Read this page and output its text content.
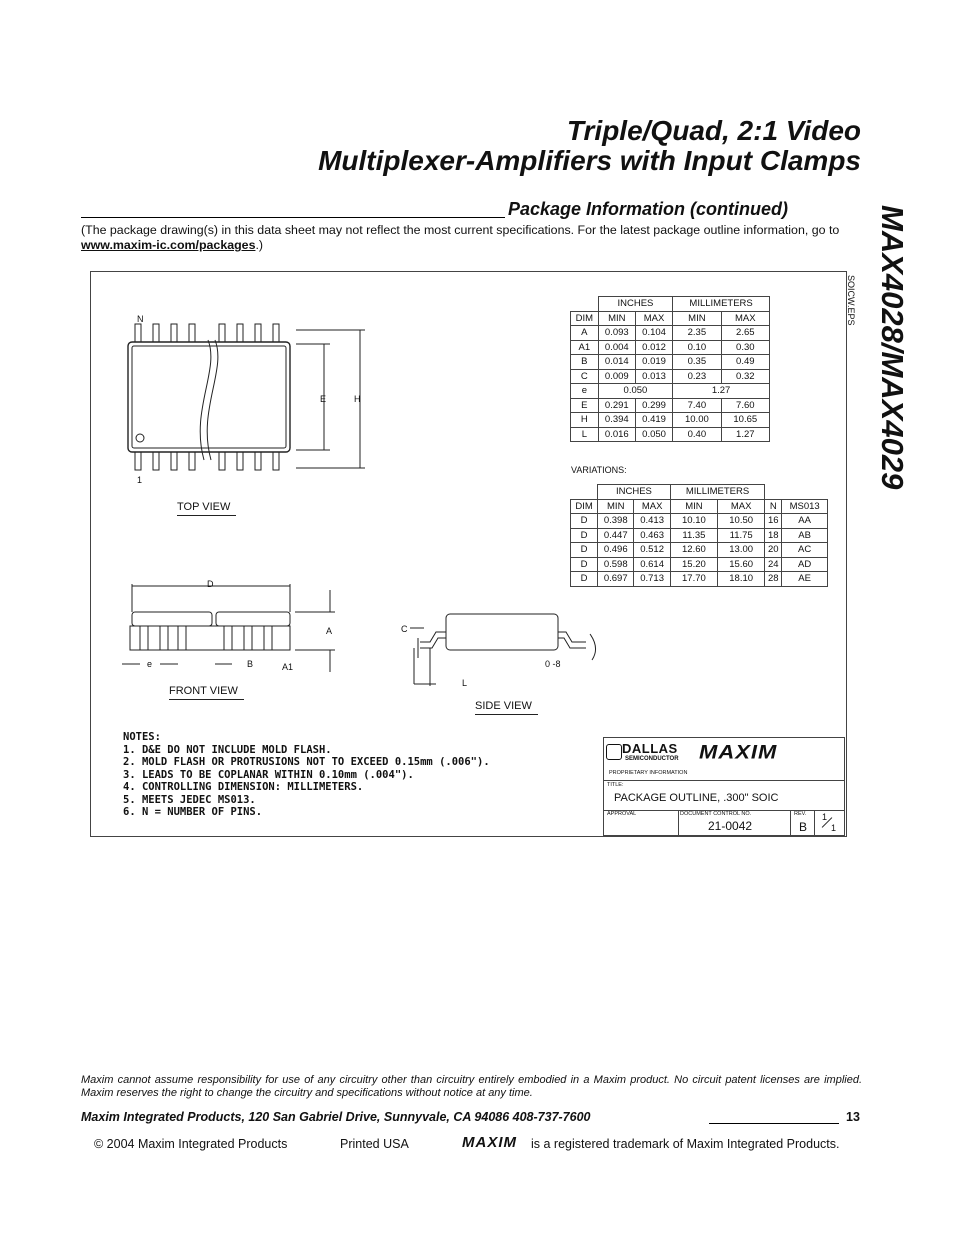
Triple/Quad, 2:1 Video
Multiplexer-Amplifiers with Input Clamps
MAX4028/MAX4029
Package Information (continued)
(The package drawing(s) in this data sheet may not reflect the most current specifications. For the latest package outline information, go to www.maxim-ic.com/packages.)
SOICW.EPS
N
1
E	H
TOP VIEW
D
A
A1
e	B
FRONT VIEW
C
L
0 -8
SIDE VIEW
	INCHES		MILLIMETERS	
DIM	MIN	MAX	MIN	MAX
A	0.093	0.104	2.35	2.65
A1	0.004	0.012	0.10	0.30
B	0.014	0.019	0.35	0.49
C	0.009	0.013	0.23	0.32
e	0.050		1.27	
E	0.291	0.299	7.40	7.60
H	0.394	0.419	10.00	10.65
L	0.016	0.050	0.40	1.27
VARIATIONS:
	INCHES		MILLIMETERS			
DIM	MIN	MAX	MIN	MAX	N	MS013
D	0.398	0.413	10.10	10.50	16	AA
D	0.447	0.463	11.35	11.75	18	AB
D	0.496	0.512	12.60	13.00	20	AC
D	0.598	0.614	15.20	15.60	24	AD
D	0.697	0.713	17.70	18.10	28	AE
NOTES:
1. D&E DO NOT INCLUDE MOLD FLASH.
2. MOLD FLASH OR PROTRUSIONS NOT TO EXCEED 0.15mm (.006").
3. LEADS TO BE COPLANAR WITHIN 0.10mm (.004").
4. CONTROLLING DIMENSION: MILLIMETERS.
5. MEETS JEDEC MS013.
6. N = NUMBER OF PINS.
DALLAS
SEMICONDUCTOR MAXIM
PROPRIETARY INFORMATION
TITLE:
PACKAGE OUTLINE, .300" SOIC
APPROVAL	DOCUMENT CONTROL NO.
21-0042
REV.
B
1
1
Maxim cannot assume responsibility for use of any circuitry other than circuitry entirely embodied in a Maxim product. No circuit patent licenses are implied. Maxim reserves the right to change the circuitry and specifications without notice at any time.
Maxim Integrated Products, 120 San Gabriel Drive, Sunnyvale, CA 94086 408-737-7600	13
© 2004 Maxim Integrated Products	Printed USA	MAXIM is a registered trademark of Maxim Integrated Products.
